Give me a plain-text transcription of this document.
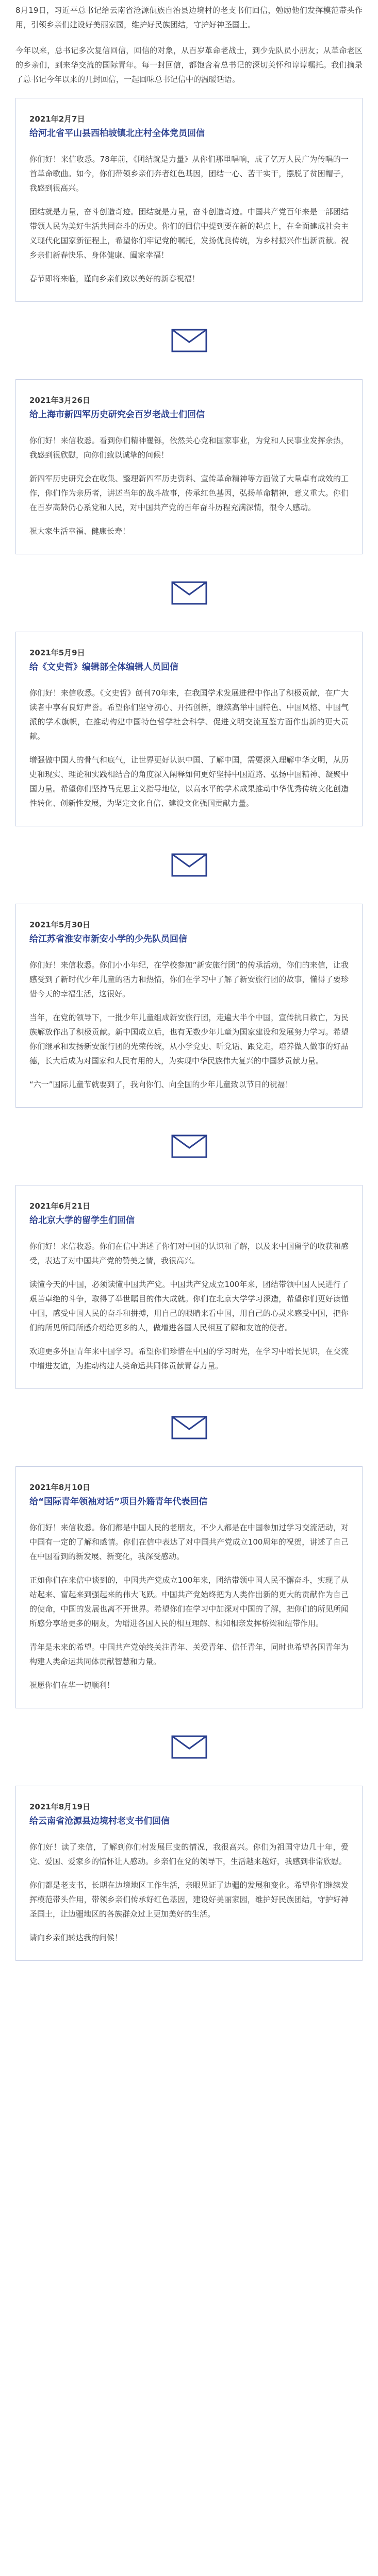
8月19日，习近平总书记给云南省沧源佤族自治县边境村的老支书们回信，勉励他们发挥模范带头作用，引领乡亲们建设好美丽家园，维护好民族团结，守护好神圣国土。

今年以来，总书记多次复信回信，回信的对象，从百岁革命老战士，到少先队员小朋友；从革命老区的乡亲们，到来华交流的国际青年。每一封回信，都饱含着总书记的深切关怀和谆谆嘱托。我们摘录了总书记今年以来的几封回信，一起回味总书记信中的温暖话语。

2021年2月7日
给河北省平山县西柏坡镇北庄村全体党员回信

你们好！来信收悉。78年前，《团结就是力量》从你们那里唱响，成了亿万人民广为传唱的一首革命歌曲。如今，你们带领乡亲们奔者红色基因，团结一心、苦干实干，摆脱了贫困帽子，我感到很高兴。

团结就是力量，奋斗创造奇迹。团结就是力量，奋斗创造奇迹。中国共产党百年来是一部团结带领人民为美好生活共同奋斗的历史。你们的回信中提到要在新的起点上，在全面建成社会主义现代化国家新征程上，希望你们牢记党的嘱托，发扬优良传统，为乡村振兴作出新贡献。祝乡亲们新春快乐、身体健康、阖家幸福！

春节即将来临，谨向乡亲们致以美好的新春祝福！

2021年3月26日
给上海市新四军历史研究会百岁老战士们回信

你们好！来信收悉。看到你们精神矍铄，依然关心党和国家事业，为党和人民事业发挥余热，我感到很欣慰，向你们致以诚挚的问候！

新四军历史研究会在收集、整理新四军历史资料、宣传革命精神等方面做了大量卓有成效的工作，你们作为亲历者，讲述当年的战斗故事，传承红色基因，弘扬革命精神，意义重大。你们在百岁高龄仍心系党和人民，对中国共产党的百年奋斗历程充满深情，很令人感动。

祝大家生活幸福、健康长寿！

2021年5月9日
给《文史哲》编辑部全体编辑人员回信

你们好！来信收悉。《文史哲》创刊70年来，在我国学术发展进程中作出了积极贡献，在广大读者中享有良好声誉。希望你们坚守初心、开拓创新，继续高举中国特色、中国风格、中国气派的学术旗帜，在推动构建中国特色哲学社会科学、促进文明交流互鉴方面作出新的更大贡献。

增强做中国人的骨气和底气，让世界更好认识中国、了解中国，需要深入理解中华文明，从历史和现实、理论和实践相结合的角度深入阐释如何更好坚持中国道路、弘扬中国精神、凝聚中国力量。希望你们坚持马克思主义指导地位，以高水平的学术成果推动中华优秀传统文化创造性转化、创新性发展，为坚定文化自信、建设文化强国贡献力量。

2021年5月30日
给江苏省淮安市新安小学的少先队员回信

你们好！来信收悉。你们小小年纪，在学校参加“新安旅行团”的传承活动，你们的来信，让我感受到了新时代少年儿童的活力和热情，你们在学习中了解了新安旅行团的故事，懂得了要珍惜今天的幸福生活，这很好。

当年，在党的领导下，一批少年儿童组成新安旅行团，走遍大半个中国，宣传抗日救亡，为民族解放作出了积极贡献。新中国成立后，也有无数少年儿童为国家建设和发展努力学习。希望你们继承和发扬新安旅行团的光荣传统，从小学党史、听党话、跟党走，培养做人做事的好品德，长大后成为对国家和人民有用的人，为实现中华民族伟大复兴的中国梦贡献力量。

“六一”国际儿童节就要到了，我向你们、向全国的少年儿童致以节日的祝福！

2021年6月21日
给北京大学的留学生们回信

你们好！来信收悉。你们在信中讲述了你们对中国的认识和了解，以及来中国留学的收获和感受，表达了对中国共产党的赞美之情，我很高兴。

读懂今天的中国，必须读懂中国共产党。中国共产党成立100年来，团结带领中国人民进行了艰苦卓绝的斗争，取得了举世瞩目的伟大成就。你们在北京大学学习深造，希望你们更好读懂中国，感受中国人民的奋斗和拼搏，用自己的眼睛来看中国，用自己的心灵来感受中国，把你们的所见所闻所感介绍给更多的人，做增进各国人民相互了解和友谊的使者。

欢迎更多外国青年来中国学习。希望你们珍惜在中国的学习时光，在学习中增长见识，在交流中增进友谊，为推动构建人类命运共同体贡献青春力量。

2021年8月10日
给“国际青年领袖对话”项目外籍青年代表回信

你们好！来信收悉。你们都是中国人民的老朋友，不少人都是在中国参加过学习交流活动，对中国有一定的了解和感情。你们在信中表达了对中国共产党成立100周年的祝贺，讲述了自己在中国看到的新发展、新变化，我深受感动。

正如你们在来信中谈到的，中国共产党成立100年来，团结带领中国人民不懈奋斗，实现了从站起来、富起来到强起来的伟大飞跃。中国共产党始终把为人类作出新的更大的贡献作为自己的使命，中国的发展也离不开世界。希望你们在学习中加深对中国的了解，把你们的所见所闻所感分享给更多的朋友，为增进各国人民的相互理解、相知相亲发挥桥梁和纽带作用。

青年是未来的希望。中国共产党始终关注青年、关爱青年、信任青年，同时也希望各国青年为构建人类命运共同体贡献智慧和力量。

祝愿你们在华一切顺利！

2021年8月19日
给云南省沧源县边境村老支书们回信

你们好！读了来信，了解到你们村发展巨变的情况，我很高兴。你们为祖国守边几十年，爱党、爱国、爱家乡的情怀让人感动。乡亲们在党的领导下，生活越来越好，我感到非常欣慰。

你们都是老支书，长期在边境地区工作生活，亲眼见证了边疆的发展和变化。希望你们继续发挥模范带头作用，带领乡亲们传承好红色基因，建设好美丽家园，维护好民族团结，守护好神圣国土，让边疆地区的各族群众过上更加美好的生活。

请向乡亲们转达我的问候！
